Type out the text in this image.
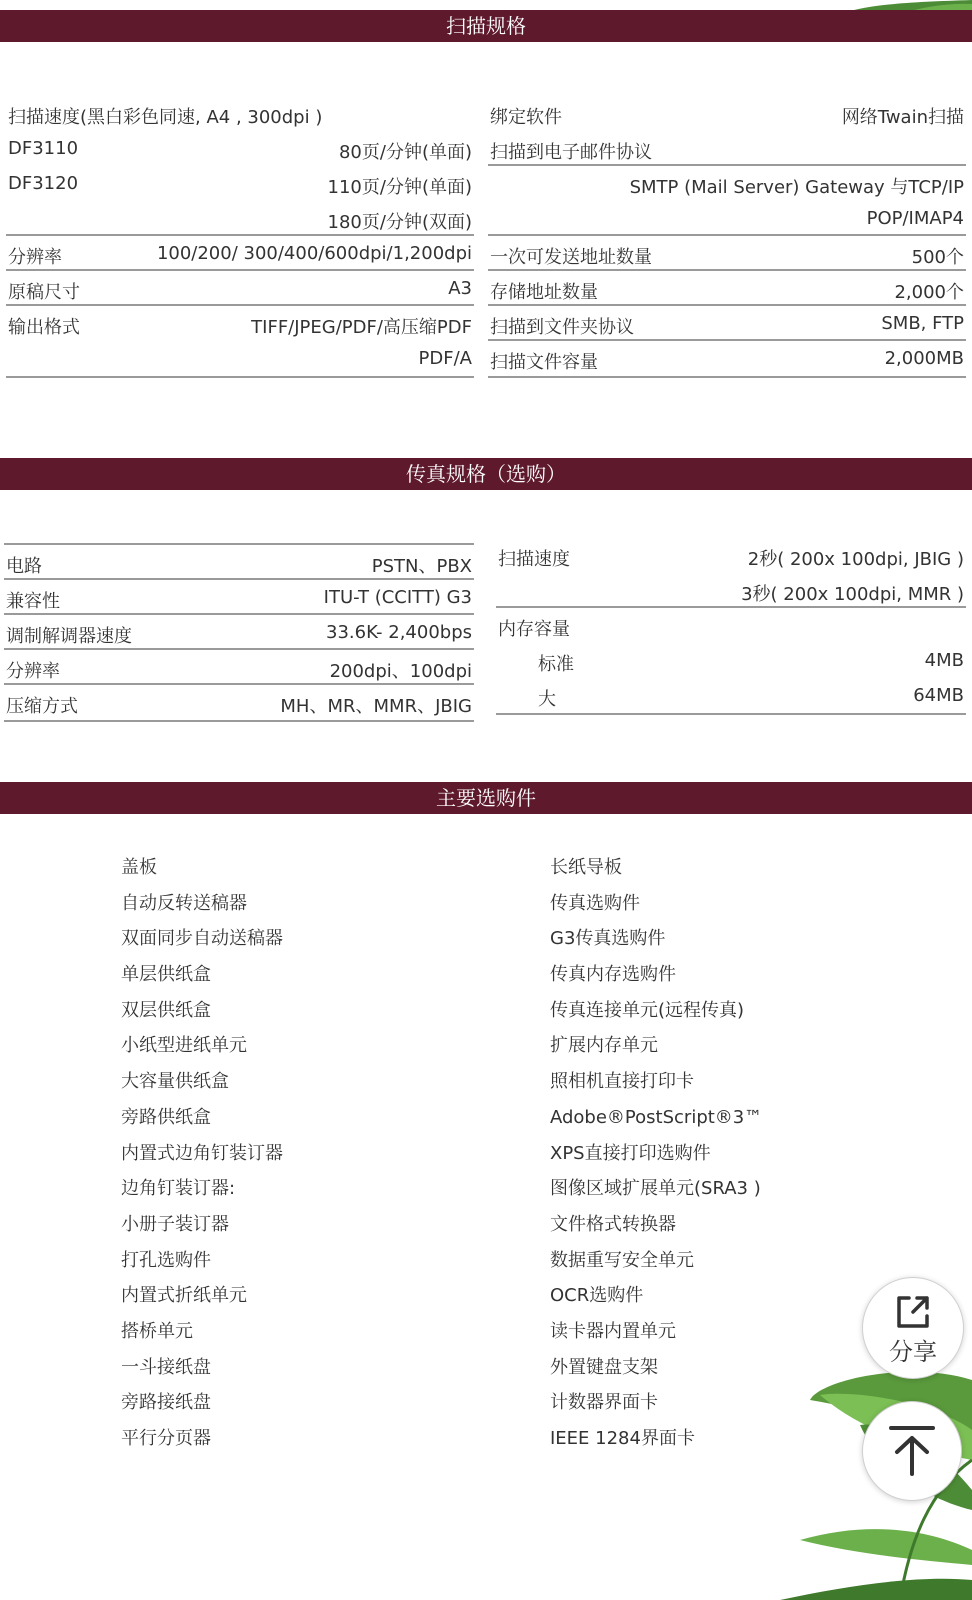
扫描规格
扫描速度(黑白彩色同速, A4 , 300dpi )
DF3110	80页/分钟(单面)
DF3120	110页/分钟(单面)
180页/分钟(双面)
分辨率	100/200/ 300/400/600dpi/1,200dpi
原稿尺寸	A3
输出格式	TIFF/JPEG/PDF/高压缩PDF
PDF/A
绑定软件	网络Twain扫描
扫描到电子邮件协议
SMTP (Mail Server) Gateway 与TCP/IP
POP/IMAP4
一次可发送地址数量	500个
存储地址数量	2,000个
扫描到文件夹协议	SMB, FTP
扫描文件容量	2,000MB
传真规格（选购）
电路	PSTN、PBX
兼容性	ITU-T (CCITT) G3
调制解调器速度	33.6K- 2,400bps
分辨率	200dpi、100dpi
压缩方式	MH、MR、MMR、JBIG
扫描速度	2秒( 200x 100dpi, JBIG )
3秒( 200x 100dpi, MMR )
内存容量
标准	4MB
大	64MB
主要选购件
盖板
自动反转送稿器
双面同步自动送稿器
单层供纸盒
双层供纸盒
小纸型进纸单元
大容量供纸盒
旁路供纸盒
内置式边角钉装订器
边角钉装订器:
小册子装订器
打孔选购件
内置式折纸单元
搭桥单元
一斗接纸盘
旁路接纸盘
平行分页器
长纸导板
传真选购件
G3传真选购件
传真内存选购件
传真连接单元(远程传真)
扩展内存单元
照相机直接打印卡
Adobe®PostScript®3™
XPS直接打印选购件
图像区域扩展单元(SRA3 )
文件格式转换器
数据重写安全单元
OCR选购件
读卡器内置单元
外置键盘支架
计数器界面卡
IEEE 1284界面卡
分享
